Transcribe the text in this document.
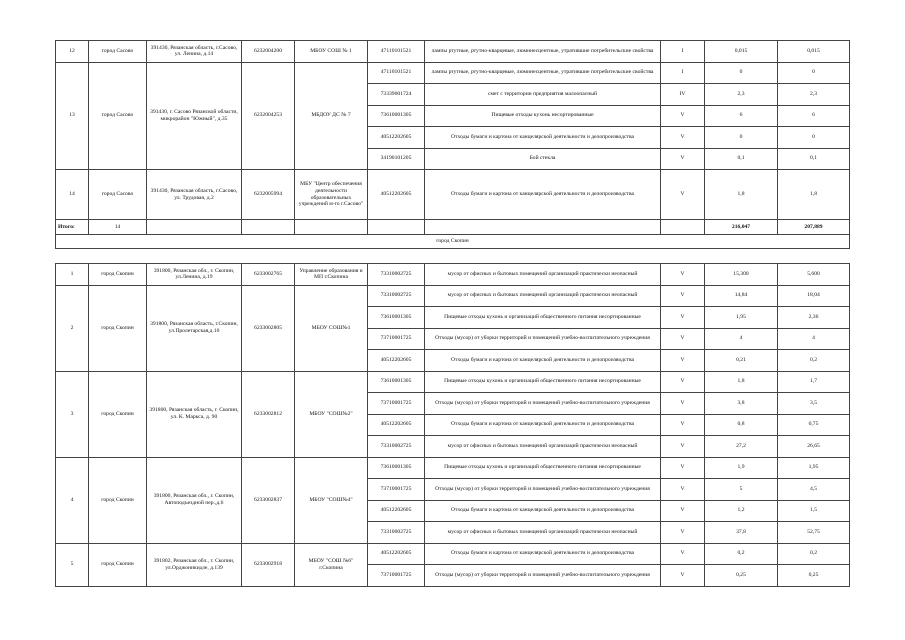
12	город Сасово	391430, Рязанская область, г.Сасово, ул. Ленина, д.14	6232004200	МБОУ СОШ № 1	47110101521	лампы ртутные, ртутно-кварцевые, люминесцентные, утратившие потребительские свойства	I	0,015	0,015
13	город Сасово	391430, г. Сасово Рязанской области, микрорайон "Южный", д.35	6232004253	МБДОУ ДС № 7	47110101521	лампы ртутные, ртутно-кварцевые, люминесцентные, утратившие потребительские свойства	I	0	0
					73339001724	смет с территории предприятия малоопасный	IV	2,3	2,3
					73610001305	Пищевые отходы кухонь несортированные	V	6	6
					40512202605	Отходы бумаги и картона от канцелярской деятельности и делопроизводства	V	0	0
					34190101205	Бой стекла	V	0,1	0,1
14	город Сасово	391430, Рязанская область, г.Сасово, ул. Трудовая, д.2	6232005994	МБУ "Центр обеспечения деятельности образовательных учреждений м-го г.Сасово"	40512202605	Отходы бумаги и картона от канцелярской деятельности и делопроизводства	V	1,8	1,8
Итого:	14							216,047	207,889
город Скопин									

1	город Скопин	391800, Рязанская обл., г. Скопин, ул.Ленина, д.19	6233002765	Управление образования и МП г.Скопина	73310002725	мусор от офисных и бытовых помещений организаций практически неопасный	V	15,300	5,600
2	город Скопин	391800, Рязанская область, г.Скопин, ул.Пролетарская,д.10	6233002805	МБОУ СОШ№1	73310002725	мусор от офисных и бытовых помещений организаций практически неопасный	V	14,84	18,04
					73610001305	Пищевые отходы кухонь и организаций общественного питания несортированные	V	1,95	2,36
					73710001725	Отходы (мусор) от уборки территорий и помещений учебно-воспитательного учреждения	V	4	4
					40512202605	Отходы бумаги и картона от канцелярской деятельности и делопроизводства	V	0,21	0,2
3	город Скопин	391800, Рязанская область, г. Скопин, ул. К. Маркса, д. 90	6233002812	МБОУ "СОШ№2"	73610001305	Пищевые отходы кухонь и организаций общественного питания несортированные	V	1,8	1,7
					73710001725	Отходы (мусор) от уборки территорий и помещений учебно-воспитательного учреждения	V	3,8	3,5
					40512202605	Отходы бумаги и картона от канцелярской деятельности и делопроизводства	V	0,8	0,75
					73310002725	мусор от офисных и бытовых помещений организаций практически неопасный	V	27,2	26,65
4	город Скопин	391800, Рязанская обл., г. Скопин, Автоподъездной пер.,д.6	6233002837	МБОУ "СОШ№4"	73610001305	Пищевые отходы кухонь и организаций общественного питания несортированные	V	1,9	1,95
					73710001725	Отходы (мусор) от уборки территорий и помещений учебно-воспитательного учреждения	V	5	4,5
					40512202605	Отходы бумаги и картона от канцелярской деятельности и делопроизводства	V	1,2	1,5
					73310002725	мусор от офисных и бытовых помещений организаций практически неопасный	V	37,8	52,75
5	город Скопин	391802, Рязанская обл., г. Скопин, ул.Орджоникидзе, д.139	6233002918	МБОУ "СОШ №6" г.Скопина	40512202605	Отходы бумаги и картона от канцелярской деятельности и делопроизводства	V	0,2	0,2
					73710001725	Отходы (мусор) от уборки территорий и помещений учебно-воспитательного учреждения	V	0,25	0,25
